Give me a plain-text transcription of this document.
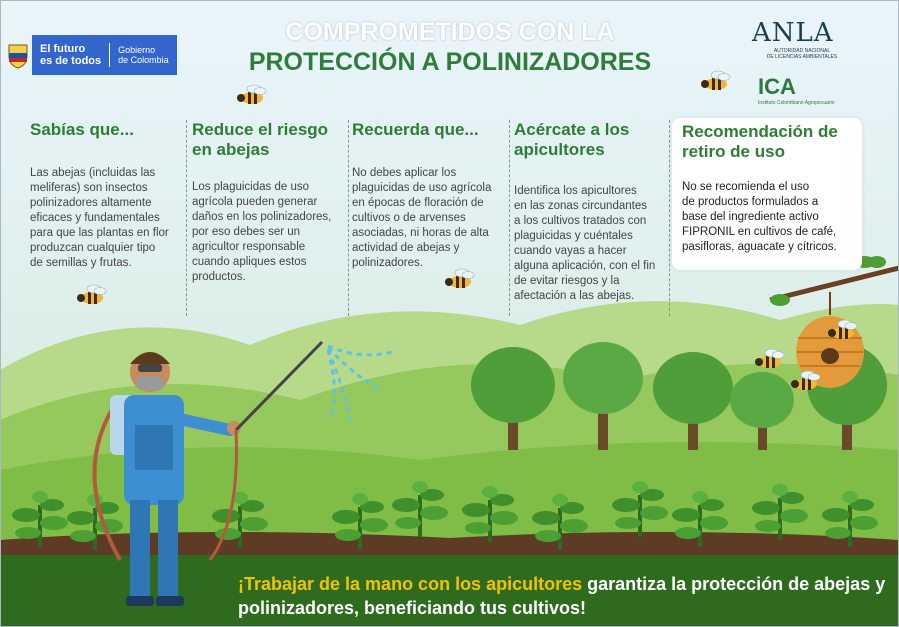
El futuro
es de todos
Gobierno
de Colombia
COMPROMETIDOS CON LA
PROTECCIÓN A POLINIZADORES
ANLA
AUTORIDAD NACIONAL
DE LICENCIAS AMBIENTALES
ICA
Instituto Colombiano Agropecuario
Sabías que...
Las abejas (incluidas las
meliferas) son insectos
polinizadores altamente
eficaces y fundamentales
para que las plantas en flor
produzcan cualquier tipo
de semillas y frutas.
Reduce el riesgo
en abejas
Los plaguicidas de uso
agrícola pueden generar
daños en los polinizadores,
por eso debes ser un
agricultor responsable
cuando apliques estos
productos.
Recuerda que...
No debes aplicar los
plaguicidas de uso agrícola
en épocas de floración de
cultivos o de arvenses
asociadas, ni horas de alta
actividad de abejas y
polinizadores.
Acércate a los
apicultores
Identifica los apicultores
en las zonas circundantes
a los cultivos tratados con
plaguicidas y cuéntales
cuando vayas a hacer
alguna aplicación, con el fin
de evitar riesgos y la
afectación a las abejas.
Recomendación de
retiro de uso
No se recomienda el uso
de productos formulados a
base del ingrediente activo
FIPRONIL en cultivos de café,
pasifloras, aguacate y cítricos.
¡Trabajar de la mano con los apicultores garantiza la protección de abejas y polinizadores, beneficiando tus cultivos!
